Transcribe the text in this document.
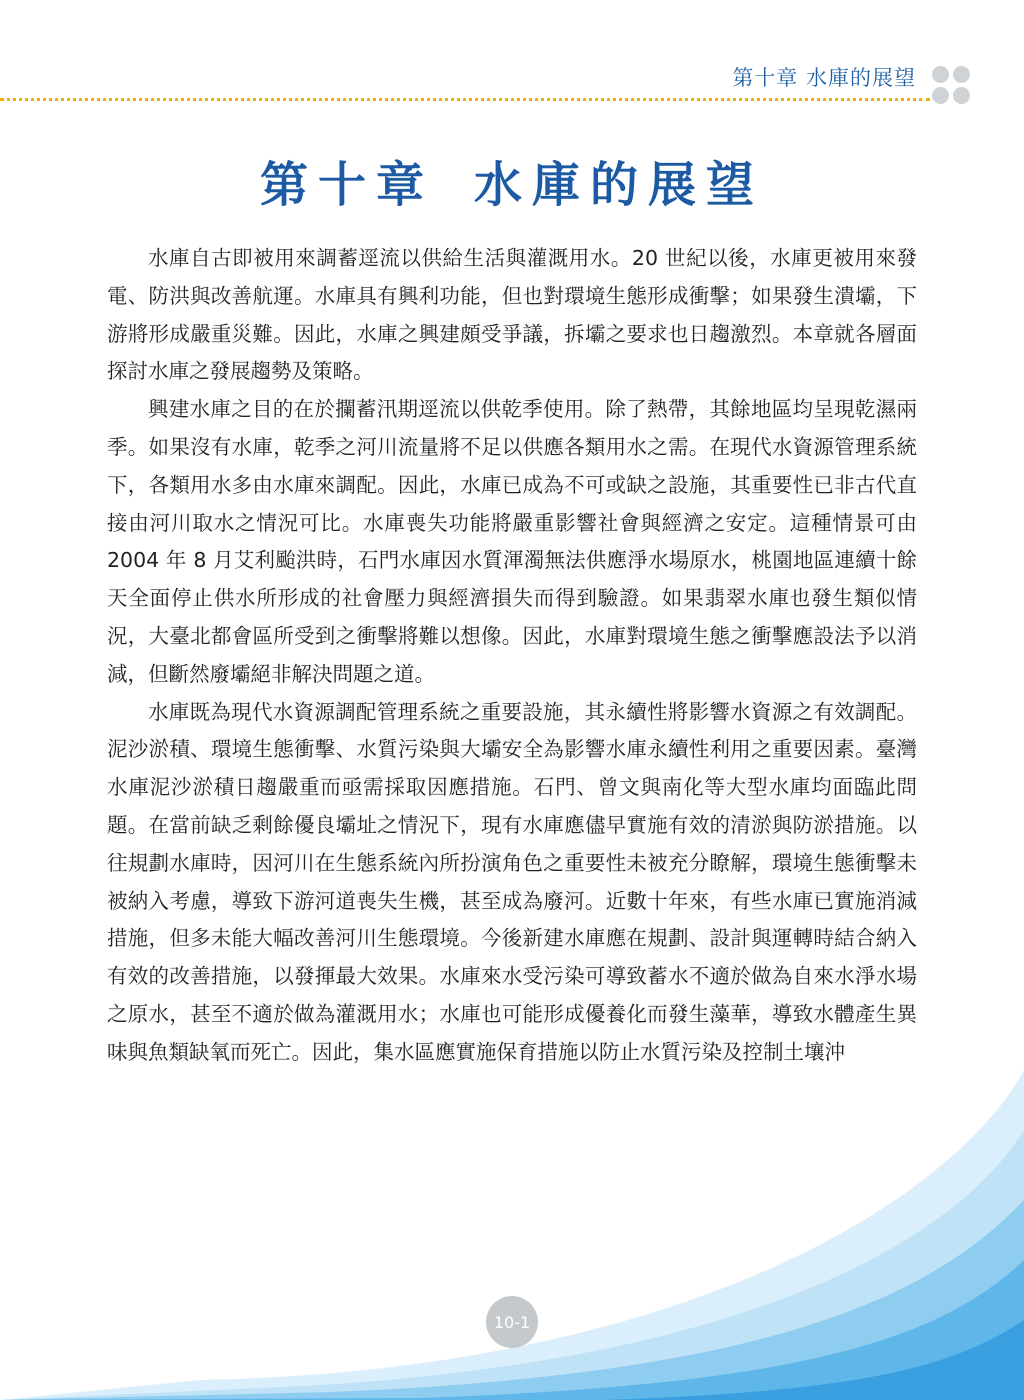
第十章 水庫的展望
第十章 水庫的展望

水庫自古即被用來調蓄逕流以供給生活與灌溉用水。20 世紀以後，水庫更被用來發電、防洪與改善航運。水庫具有興利功能，但也對環境生態形成衝擊；如果發生潰壩，下游將形成嚴重災難。因此，水庫之興建頗受爭議，拆壩之要求也日趨激烈。本章就各層面探討水庫之發展趨勢及策略。

興建水庫之目的在於攔蓄汛期逕流以供乾季使用。除了熱帶，其餘地區均呈現乾濕兩季。如果沒有水庫，乾季之河川流量將不足以供應各類用水之需。在現代水資源管理系統下，各類用水多由水庫來調配。因此，水庫已成為不可或缺之設施，其重要性已非古代直接由河川取水之情況可比。水庫喪失功能將嚴重影響社會與經濟之安定。這種情景可由 2004 年 8 月艾利颱洪時，石門水庫因水質渾濁無法供應淨水場原水，桃園地區連續十餘天全面停止供水所形成的社會壓力與經濟損失而得到驗證。如果翡翠水庫也發生類似情況，大臺北都會區所受到之衝擊將難以想像。因此，水庫對環境生態之衝擊應設法予以消減，但斷然廢壩絕非解決問題之道。

水庫既為現代水資源調配管理系統之重要設施，其永續性將影響水資源之有效調配。泥沙淤積、環境生態衝擊、水質污染與大壩安全為影響水庫永續性利用之重要因素。臺灣水庫泥沙淤積日趨嚴重而亟需採取因應措施。石門、曾文與南化等大型水庫均面臨此問題。在當前缺乏剩餘優良壩址之情況下，現有水庫應儘早實施有效的清淤與防淤措施。以往規劃水庫時，因河川在生態系統內所扮演角色之重要性未被充分瞭解，環境生態衝擊未被納入考慮，導致下游河道喪失生機，甚至成為廢河。近數十年來，有些水庫已實施消減措施，但多未能大幅改善河川生態環境。今後新建水庫應在規劃、設計與運轉時結合納入有效的改善措施，以發揮最大效果。水庫來水受污染可導致蓄水不適於做為自來水淨水場之原水，甚至不適於做為灌溉用水；水庫也可能形成優養化而發生藻華，導致水體產生異味與魚類缺氧而死亡。因此，集水區應實施保育措施以防止水質污染及控制土壤沖

10-1
